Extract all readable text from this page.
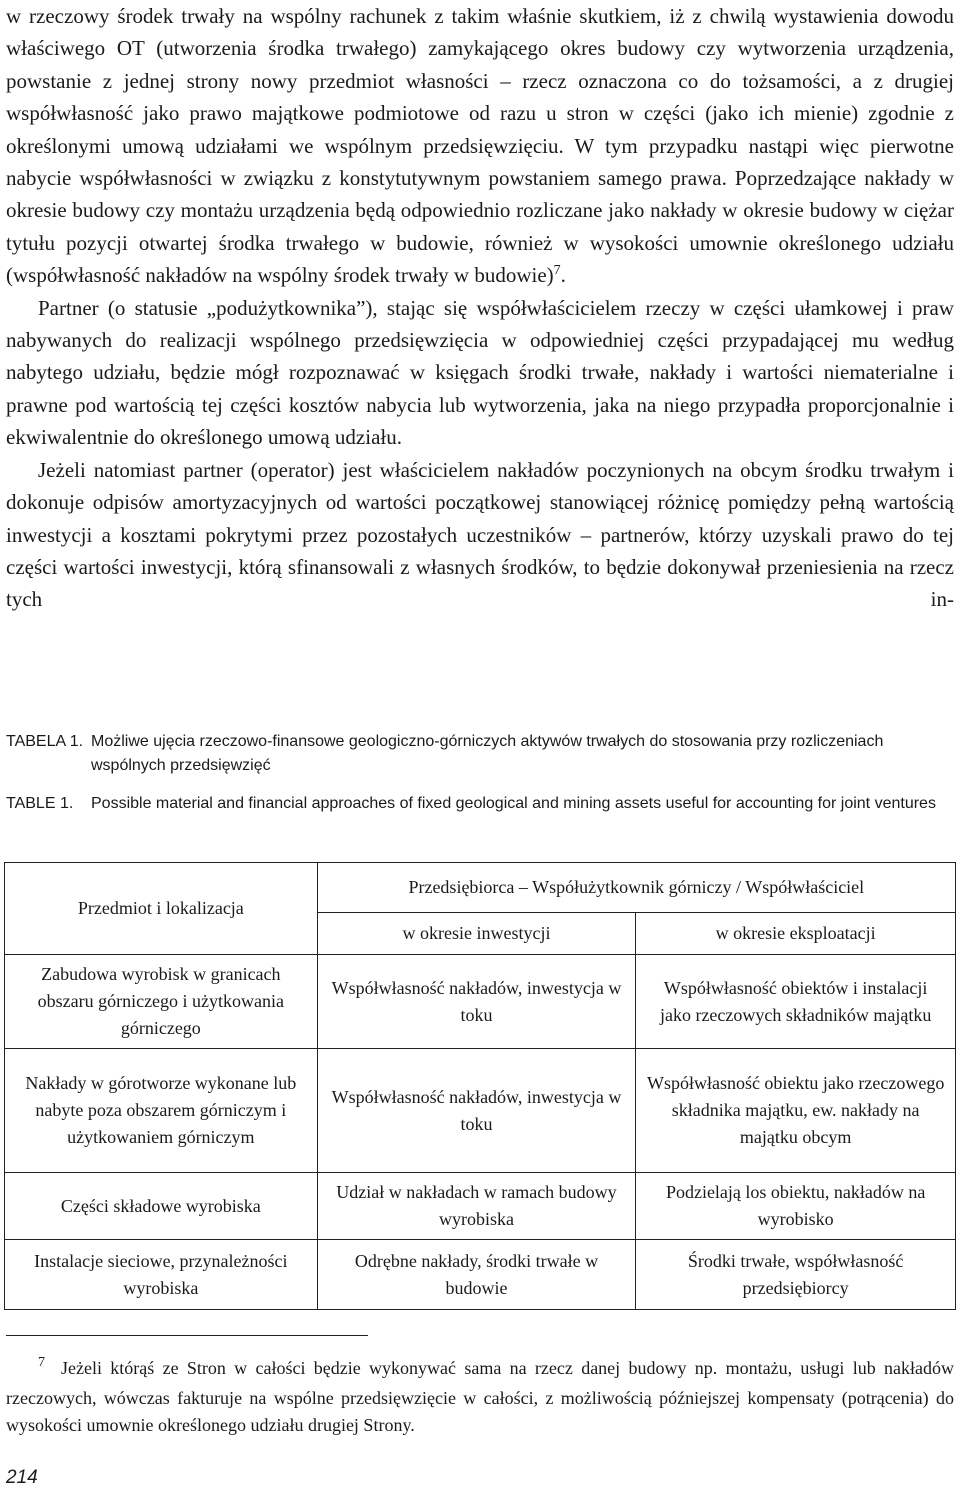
w rzeczowy środek trwały na wspólny rachunek z takim właśnie skutkiem, iż z chwilą wystawienia dowodu właściwego OT (utworzenia środka trwałego) zamykającego okres budowy czy wytworzenia urządzenia, powstanie z jednej strony nowy przedmiot własności – rzecz oznaczona co do tożsamości, a z drugiej współwłasność jako prawo majątkowe podmiotowe od razu u stron w części (jako ich mienie) zgodnie z określonymi umową udziałami we wspólnym przedsięwzięciu. W tym przypadku nastąpi więc pierwotne nabycie współwłasności w związku z konstytutywnym powstaniem samego prawa. Poprzedzające nakłady w okresie budowy czy montażu urządzenia będą odpowiednio rozliczane jako nakłady w okresie budowy w ciężar tytułu pozycji otwartej środka trwałego w budowie, również w wysokości umownie określonego udziału (współwłasność nakładów na wspólny środek trwały w budowie)$^7$.

Partner (o statusie „podużytkownika”), stając się współwłaścicielem rzeczy w części ułamkowej i praw nabywanych do realizacji wspólnego przedsięwzięcia w odpowiedniej części przypadającej mu według nabytego udziału, będzie mógł rozpoznawać w księgach środki trwałe, nakłady i wartości niematerialne i prawne pod wartością tej części kosztów nabycia lub wytworzenia, jaka na niego przypadła proporcjonalnie i ekwiwalentnie do określonego umową udziału.

Jeżeli natomiast partner (operator) jest właścicielem nakładów poczynionych na obcym środku trwałym i dokonuje odpisów amortyzacyjnych od wartości początkowej stanowiącej różnicę pomiędzy pełną wartością inwestycji a kosztami pokrytymi przez pozostałych uczestników – partnerów, którzy uzyskali prawo do tej części wartości inwestycji, którą sfinansowali z własnych środków, to będzie dokonywał przeniesienia na rzecz tych in-

TABELA 1. Możliwe ujęcia rzeczowo-finansowe geologiczno-górniczych aktywów trwałych do stosowania przy rozliczeniach wspólnych przedsięwzięć
TABLE 1.	Possible material and financial approaches of fixed geological and mining assets useful for accounting for joint ventures
Przedmiot i lokalizacja	Przedsiębiorca – Współużytkownik górniczy / Współwłaściciel	
	w okresie inwestycji	w okresie eksploatacji
Zabudowa wyrobisk w granicach obszaru górniczego i użytkowania górniczego	Współwłasność nakładów, inwestycja w toku	Współwłasność obiektów i instalacji jako rzeczowych składników majątku
Nakłady w górotworze wykonane lub nabyte poza obszarem górniczym i użytkowaniem górniczym	Współwłasność nakładów, inwestycja w toku	Współwłasność obiektu jako rzeczowego składnika majątku, ew. nakłady na majątku obcym
Części składowe wyrobiska	Udział w nakładach w ramach budowy wyrobiska	Podzielają los obiektu, nakładów na wyrobisko
Instalacje sieciowe, przynależności wyrobiska	Odrębne nakłady, środki trwałe w budowie	Środki trwałe, współwłasność przedsiębiorcy
$^7$ Jeżeli którąś ze Stron w całości będzie wykonywać sama na rzecz danej budowy np. montażu, usługi lub nakładów rzeczowych, wówczas fakturuje na wspólne przedsięwzięcie w całości, z możliwością późniejszej kompensaty (potrącenia) do wysokości umownie określonego udziału drugiej Strony.
214
